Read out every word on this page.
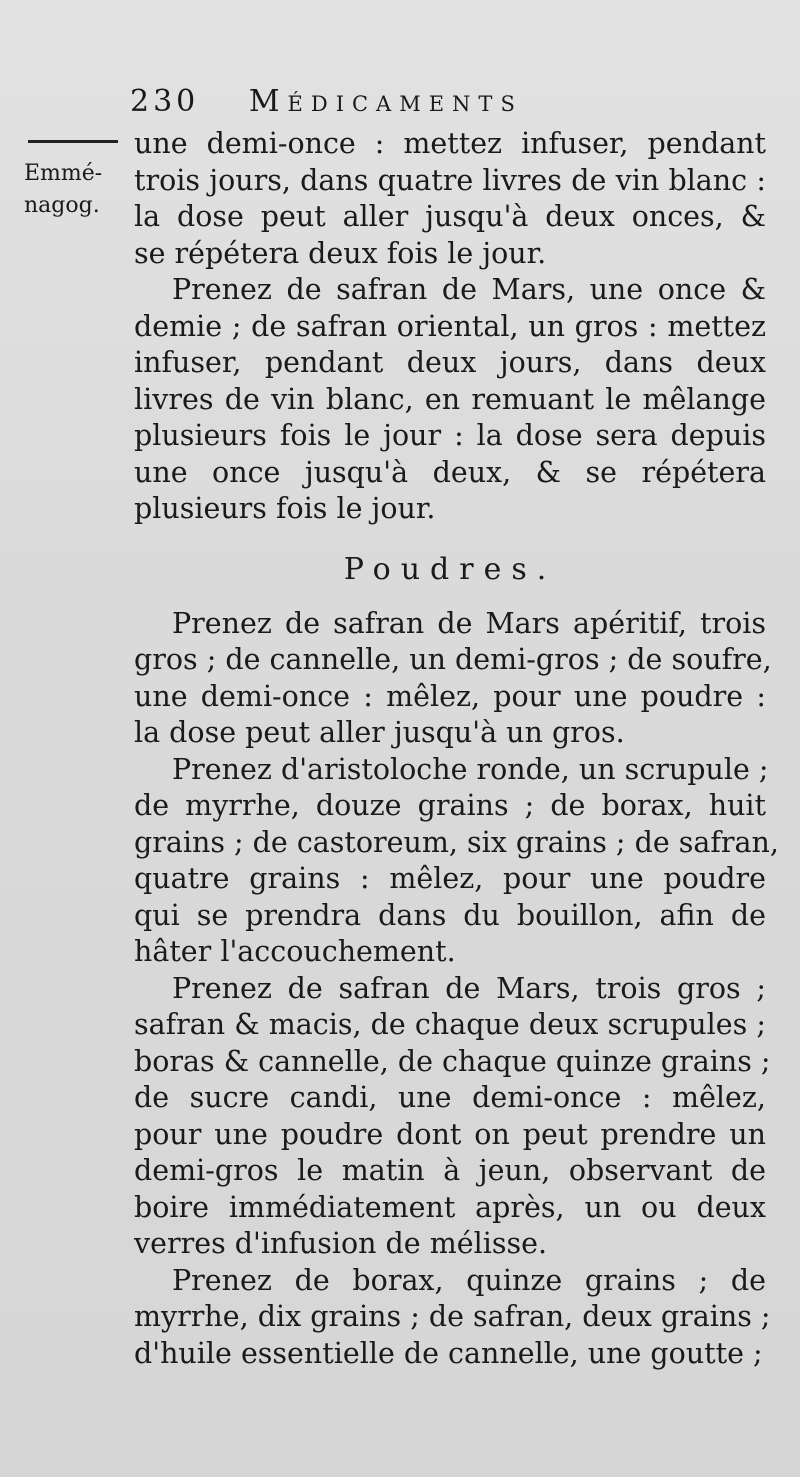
230 Médicaments
Emmé-
nagog.
une demi-once : mettez infuser, pendant
trois jours, dans quatre livres de vin blanc :
la dose peut aller jusqu'à deux onces, &
se répétera deux fois le jour.
Prenez de safran de Mars, une once &
demie ; de safran oriental, un gros : mettez
infuser, pendant deux jours, dans deux
livres de vin blanc, en remuant le mêlange
plusieurs fois le jour : la dose sera depuis
une once jusqu'à deux, & se répétera
plusieurs fois le jour.
Poudres.
Prenez de safran de Mars apéritif, trois
gros ; de cannelle, un demi-gros ; de soufre,
une demi-once : mêlez, pour une poudre :
la dose peut aller jusqu'à un gros.
Prenez d'aristoloche ronde, un scrupule ;
de myrrhe, douze grains ; de borax, huit
grains ; de castoreum, six grains ; de safran,
quatre grains : mêlez, pour une poudre
qui se prendra dans du bouillon, afin de
hâter l'accouchement.
Prenez de safran de Mars, trois gros ;
safran & macis, de chaque deux scrupules ;
boras & cannelle, de chaque quinze grains ;
de sucre candi, une demi-once : mêlez,
pour une poudre dont on peut prendre un
demi-gros le matin à jeun, observant de
boire immédiatement après, un ou deux
verres d'infusion de mélisse.
Prenez de borax, quinze grains ; de
myrrhe, dix grains ; de safran, deux grains ;
d'huile essentielle de cannelle, une goutte ;
